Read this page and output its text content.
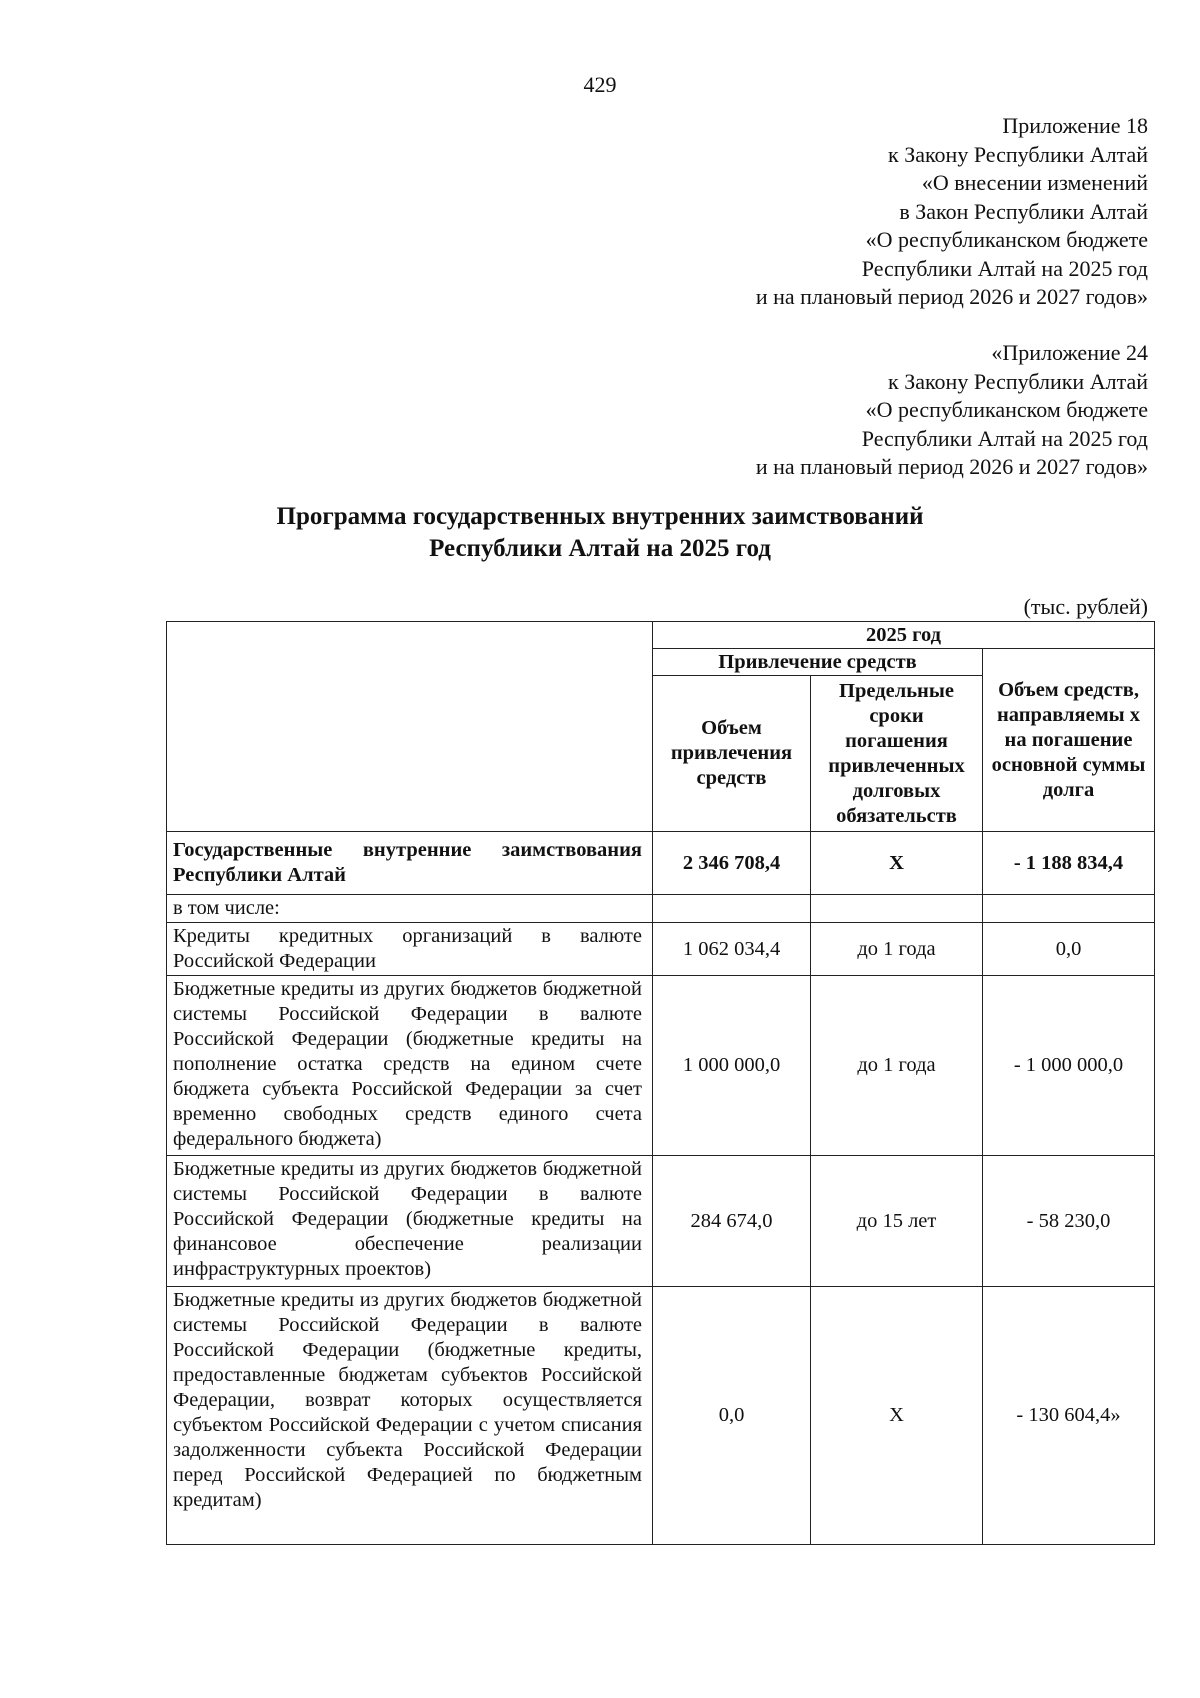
429
Приложение 18
к Закону Республики Алтай
«О внесении изменений
в Закон Республики Алтай
«О республиканском бюджете
Республики Алтай на 2025 год
и на плановый период 2026 и 2027 годов»
«Приложение 24
к Закону Республики Алтай
«О республиканском бюджете
Республики Алтай на 2025 год
и на плановый период 2026 и 2027 годов»
Программа государственных внутренних заимствований
Республики Алтай на 2025 год
(тыс. рублей)
	2025 год		
	Привлечение средств		Объем средств, направляемы х на погашение основной суммы долга
	Объем привлечения средств	Предельные сроки погашения привлеченных долговых обязательств	
Государственные внутренние заимствования Республики Алтай	2 346 708,4	Х	- 1 188 834,4
в том числе:			
Кредиты кредитных организаций в валюте Российской Федерации	1 062 034,4	до 1 года	0,0
Бюджетные кредиты из других бюджетов бюджетной системы Российской Федерации в валюте Российской Федерации (бюджетные кредиты на пополнение остатка средств на едином счете бюджета субъекта Российской Федерации за счет временно свободных средств единого счета федерального бюджета)	1 000 000,0	до 1 года	- 1 000 000,0
Бюджетные кредиты из других бюджетов бюджетной системы Российской Федерации в валюте Российской Федерации (бюджетные кредиты на финансовое обеспечение реализации инфраструктурных проектов)	284 674,0	до 15 лет	- 58 230,0
Бюджетные кредиты из других бюджетов бюджетной системы Российской Федерации в валюте Российской Федерации (бюджетные кредиты, предоставленные бюджетам субъектов Российской Федерации, возврат которых осуществляется субъектом Российской Федерации с учетом списания задолженности субъекта Российской Федерации перед Российской Федерацией по бюджетным кредитам)	0,0	Х	- 130 604,4»
